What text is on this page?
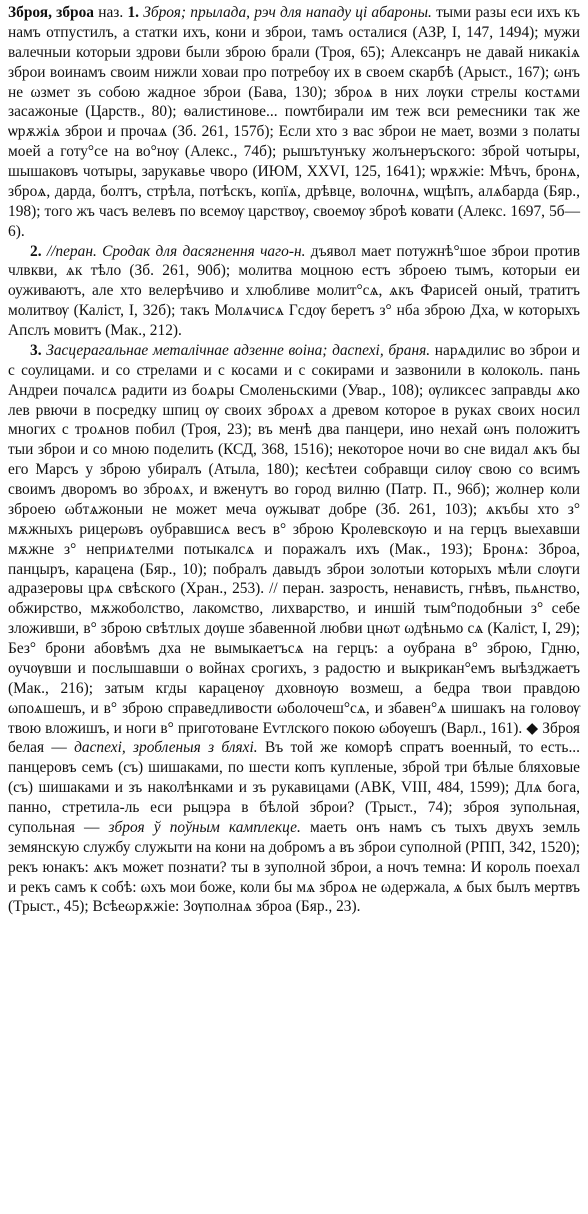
Зброя, зброа наз. 1. Зброя; прылада, рэч для нападу ці абароны. тыми разы еси ихъ къ намъ отпустилъ, а статки ихъ, кони и зброи, тамъ осталися (АЗР, I, 147, 1494); мужи валечныи которыи здрови были зброю брали (Троя, 65); Алексанръ не давай никакіѧ зброи воинамъ своим нижли ховаи про потребѹ их в своем скарбѣ (Арыст., 167); ωнъ не ωзмет зъ собою жадное зброи (Бава, 130); зброѧ в них лѹки стрелы костѧми засажоные (Царств., 80); ѳалистиновe... поѡтбирали им теж вси ремесники так же ѡрѫжіѧ зброи и прочаѧ (Зб. 261, 157б); Если хто з вас зброи не мает, возми з полаты моей а готу°се на во°нѹ (Алекс., 74б); рышътунъку жолънеръского: зброй чотыры, шышаковъ чотыры, зарукавье чворо (ИЮМ, XXVI, 125, 1641); ѡрѫжіе: Мѣчъ, бронѧ, зброѧ, дарда, болтъ, стрѣла, потѣскъ, копїѧ, дрѣвце, волочнѧ, ѡщѣпъ, алѧбарда (Бяр., 198); того жъ часъ велевъ по всемѹ царствѹ, своемѹ зброѣ ковати (Алекс. 1697, 5б—6).

2. //перан. Сродак для дасягнення чаго-н. дъявол мает потужнѣ°шое зброи против члвкви, ѧк тѣло (Зб. 261, 90б); молитва моцною естъ зброею тымъ, которыи еи оуживаютъ, але хто велерѣчиво и хлюбливе молит°сѧ, ѧкъ Фарисей оный, тратитъ молитвѹ (Калiст, I, 32б); такъ Молѧчисѧ Гсдѹ беретъ з° нба зброю Дха, ѡ которыхъ Апслъ мовитъ (Мак., 212).

3. Засцерагальнае металічнае адзенне воіна; даспехі, браня. нарѧдилис во зброи и с соулицами. и со стрелами и с косами и с сокирами и зазвонили в колоколь. пань Андреи почалсѧ радити из боѧры Смоленьскими (Увар., 108); ѹликсес заправды ѧко лев рвючи в посредку шпиц ѹ своих зброѧх а древом которое в руках своих носил многих с троѧнов побил (Троя, 23); въ менѣ два панцери, ино нехай ωнъ положитъ тыи зброи и со мною поделить (КСД, 368, 1516); некоторое ночи во сне видал ѧкъ бы его Марсъ у зброю убиралъ (Атыла, 180); кесѣтеи собравщи силѹ свою со всимъ своимъ дворомъ во зброѧх, и вженутъ во город вилню (Патр. П., 96б); жолнер коли зброею ωбтѧжоныи не может меча ѹжыват добре (Зб. 261, 103); ѧкъбы хто з° мѫжныхъ рицерωвъ оубравшисѧ весъ в° зброю Кролевскѹю и на герцъ выехавши мѫжне з° неприѧтелми потыкалсѧ и поражалъ ихъ (Мак., 193); Бронѧ: Зброа, панцыръ, карацена (Бяр., 10); побралъ давыдъ зброи золотыи которыхъ мѣли слѹги адразеровы црѧ свѣского (Хран., 253). // перан. зазрость, ненависть, гнѣвъ, пьѧнство, обжирство, мѫжоболство, лакомство, лихварство, и иншій тым°подобныи з° себе зложивши, в° зброю свѣтлых дѹше збавенной любви цнωт ωдѣньмо сѧ (Калiст, I, 29); Без° брони абовѣмъ дха не вымыкаетъсѧ на герцъ: а оубрана в° зброю, Гдню, оучѹвши и послышавши о войнах срогихъ, з радостю и выкрикан°емъ выѣзджаетъ (Мак., 216); затым кгды караценѹ дховнѹю возмеш, а бедра твои правдою ωпоѧшешъ, и в° зброю справедливости ωболочеш°сѧ, и збавен°ѧ шишакъ на головѹ твою вложишъ, и ноги в° приготоване Еѵглского покою ωбѹешъ (Варл., 161). ◆ Зброя белая — даспехі, зробленыя з бляхі. Въ той же коморѣ спратъ военный, то есть... панцеровъ семъ (съ) шишаками, по шести копъ купленые, зброй три бѣлые бляховые (съ) шишаками и зъ наколѣнками и зъ рукавицами (АВК, VIII, 484, 1599); Длѧ бога, панно, стретила-ль еси рыцэра в бѣлой зброи? (Трыст., 74); зброя зупольная, супольная — зброя ў поўным камплекце. маеть онъ намъ съ тыхъ двухъ земль земянскую службу служыти на кони на добромъ а въ зброи суполной (РПП, 342, 1520); рекъ юнакъ: ѧкъ может познати? ты в зуполной зброи, а ночъ темна: И король поехал и рекъ самъ к собѣ: ωхъ мои боже, коли бы мѧ зброѧ не ωдержала, ѧ бых былъ мертвъ (Трыст., 45); Всѣеωрѫжіе: Зѹполнаѧ зброа (Бяр., 23).
